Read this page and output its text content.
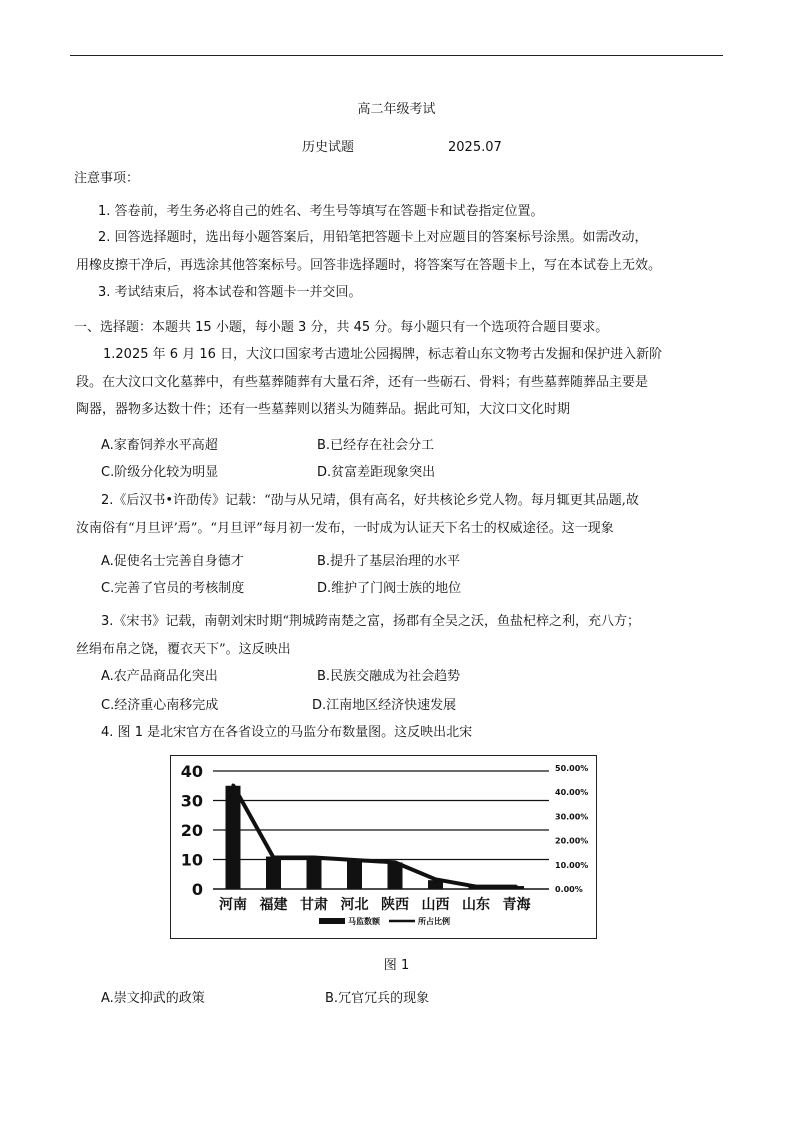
高二年级考试
历史试题	2025.07
注意事项：
1. 答卷前，考生务必将自己的姓名、考生号等填写在答题卡和试卷指定位置。
2. 回答选择题时，选出每小题答案后，用铅笔把答题卡上对应题目的答案标号涂黑。如需改动，
用橡皮擦干净后，再选涂其他答案标号。回答非选择题时，将答案写在答题卡上，写在本试卷上无效。
3. 考试结束后，将本试卷和答题卡一并交回。
一、选择题：本题共 15 小题，每小题 3 分，共 45 分。每小题只有一个选项符合题目要求。
1.2025 年 6 月 16 日，大汶口国家考古遗址公园揭牌，标志着山东文物考古发掘和保护进入新阶
段。在大汶口文化墓葬中，有些墓葬随葬有大量石斧，还有一些砺石、骨料；有些墓葬随葬品主要是
陶器，器物多达数十件；还有一些墓葬则以猪头为随葬品。据此可知，大汶口文化时期
A.家畜饲养水平高超	B.已经存在社会分工
C.阶级分化较为明显	D.贫富差距现象突出
2.《后汉书•许劭传》记载：“劭与从兄靖，俱有高名，好共核论乡党人物。每月辄更其品题,故
汝南俗有“月旦评’焉”。“月旦评”每月初一发布，一时成为认证天下名士的权威途径。这一现象
A.促使名士完善自身德才	B.提升了基层治理的水平
C.完善了官员的考核制度	D.维护了门阀士族的地位
3.《宋书》记载，南朝刘宋时期“荆城跨南楚之富，扬郡有全吴之沃，鱼盐杞梓之利，充八方；
丝绢布帛之饶，覆衣天下”。这反映出
A.农产品商品化突出	B.民族交融成为社会趋势
C.经济重心南移完成	D.江南地区经济快速发展
4. 图 1 是北宋官方在各省设立的马监分布数量图。这反映出北宋
0
10
20
30
40
0.00%
10.00%
20.00%
30.00%
40.00%
50.00%
河南 福建 甘肃 河北 陕西 山西 山东 青海
马监数额	所占比例
图 1
A.崇文抑武的政策	B.冗官冗兵的现象
